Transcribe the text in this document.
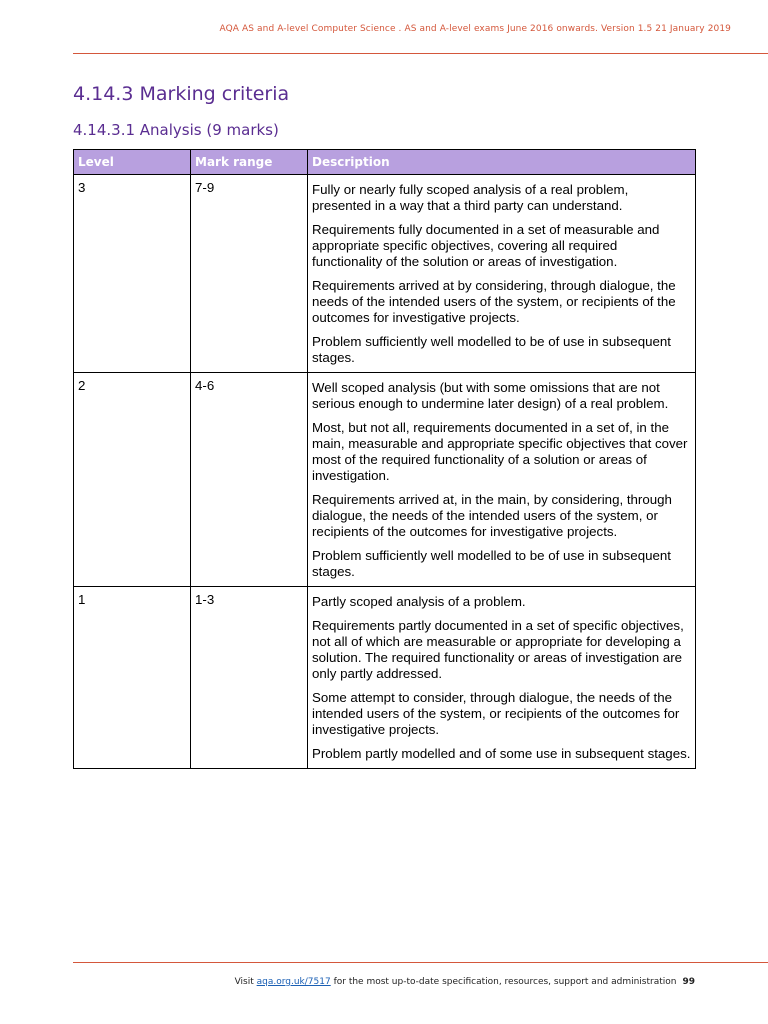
AQA AS and A-level Computer Science . AS and A-level exams June 2016 onwards. Version 1.5 21 January 2019
4.14.3 Marking criteria
4.14.3.1 Analysis (9 marks)
Level	Mark range	Description
3	7-9	Fully or nearly fully scoped analysis of a real problem, presented in a way that a third party can understand.

Requirements fully documented in a set of measurable and appropriate specific objectives, covering all required functionality of the solution or areas of investigation.

Requirements arrived at by considering, through dialogue, the needs of the intended users of the system, or recipients of the outcomes for investigative projects.

Problem sufficiently well modelled to be of use in subsequent stages.

2	4-6	Well scoped analysis (but with some omissions that are not serious enough to undermine later design) of a real problem.

Most, but not all, requirements documented in a set of, in the main, measurable and appropriate specific objectives that cover most of the required functionality of a solution or areas of investigation.

Requirements arrived at, in the main, by considering, through dialogue, the needs of the intended users of the system, or recipients of the outcomes for investigative projects.

Problem sufficiently well modelled to be of use in subsequent stages.

1	1-3	Partly scoped analysis of a problem.

Requirements partly documented in a set of specific objectives, not all of which are measurable or appropriate for developing a solution. The required functionality or areas of investigation are only partly addressed.

Some attempt to consider, through dialogue, the needs of the intended users of the system, or recipients of the outcomes for investigative projects.

Problem partly modelled and of some use in subsequent stages.

Visit aqa.org.uk/7517 for the most up-to-date specification, resources, support and administration 99
